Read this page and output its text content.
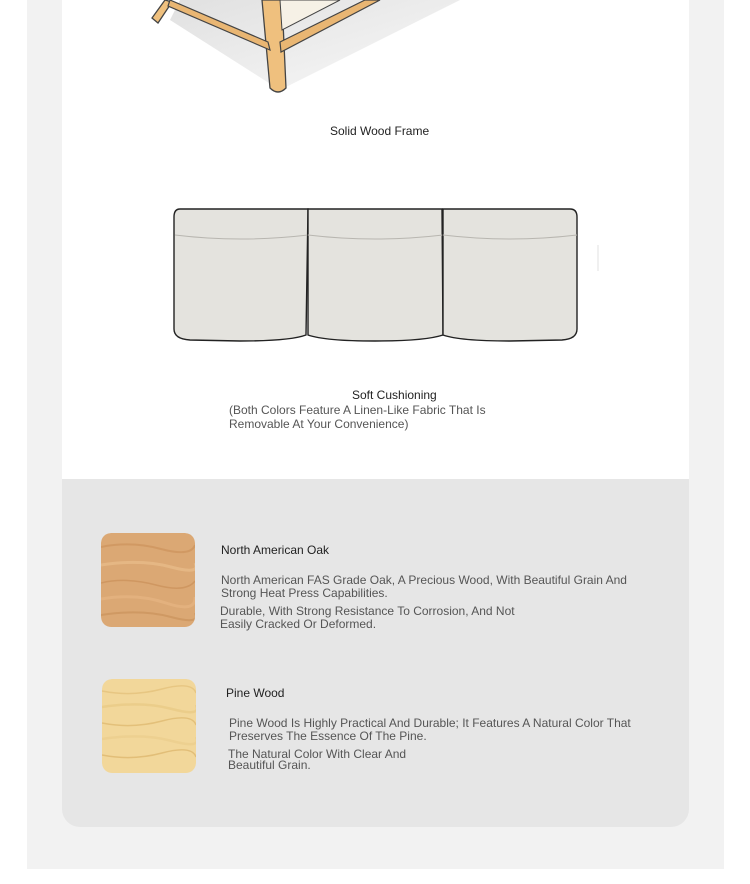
Solid Wood Frame
Soft Cushioning
(Both Colors Feature A Linen-Like Fabric That Is Removable At Your Convenience)
North American Oak
North American FAS Grade Oak, A Precious Wood, With Beautiful Grain And Strong Heat Press Capabilities.
Durable, With Strong Resistance To Corrosion, And Not Easily Cracked Or Deformed.
Pine Wood
Pine Wood Is Highly Practical And Durable; It Features A Natural Color That Preserves The Essence Of The Pine.
The Natural Color With Clear And Beautiful Grain.
